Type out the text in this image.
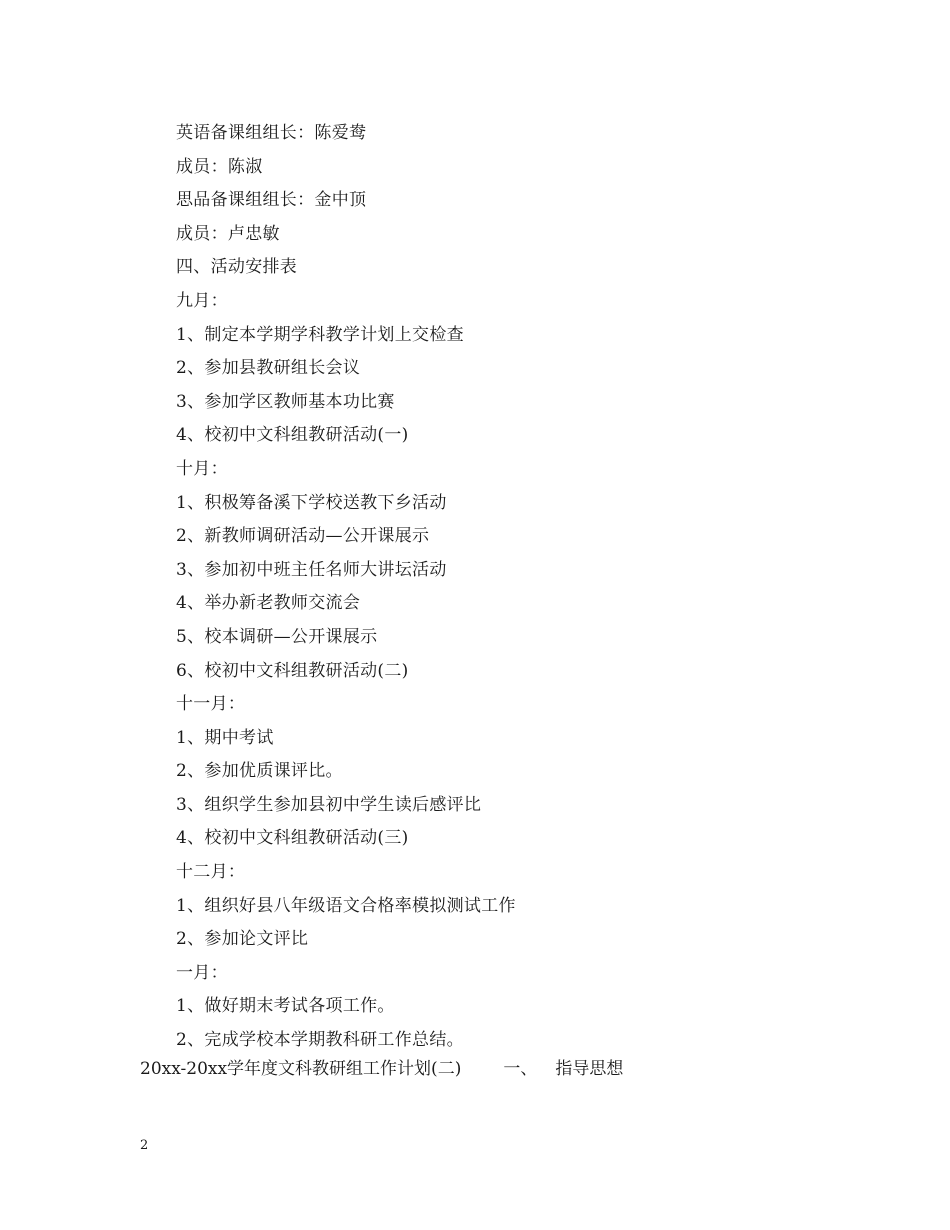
英语备课组组长：陈爱鸯
成员：陈淑
思品备课组组长：金中顶
成员：卢忠敏
四、活动安排表
九月：
1、制定本学期学科教学计划上交检查
2、参加县教研组长会议
3、参加学区教师基本功比赛
4、校初中文科组教研活动(一)
十月：
1、积极筹备溪下学校送教下乡活动
2、新教师调研活动—公开课展示
3、参加初中班主任名师大讲坛活动
4、举办新老教师交流会
5、校本调研—公开课展示
6、校初中文科组教研活动(二)
十一月：
1、期中考试
2、参加优质课评比。
3、组织学生参加县初中学生读后感评比
4、校初中文科组教研活动(三)
十二月：
1、组织好县八年级语文合格率模拟测试工作
2、参加论文评比
一月：
1、做好期末考试各项工作。
2、完成学校本学期教科研工作总结。
20xx-20xx学年度文科教研组工作计划(二) 一、 指导思想
2
